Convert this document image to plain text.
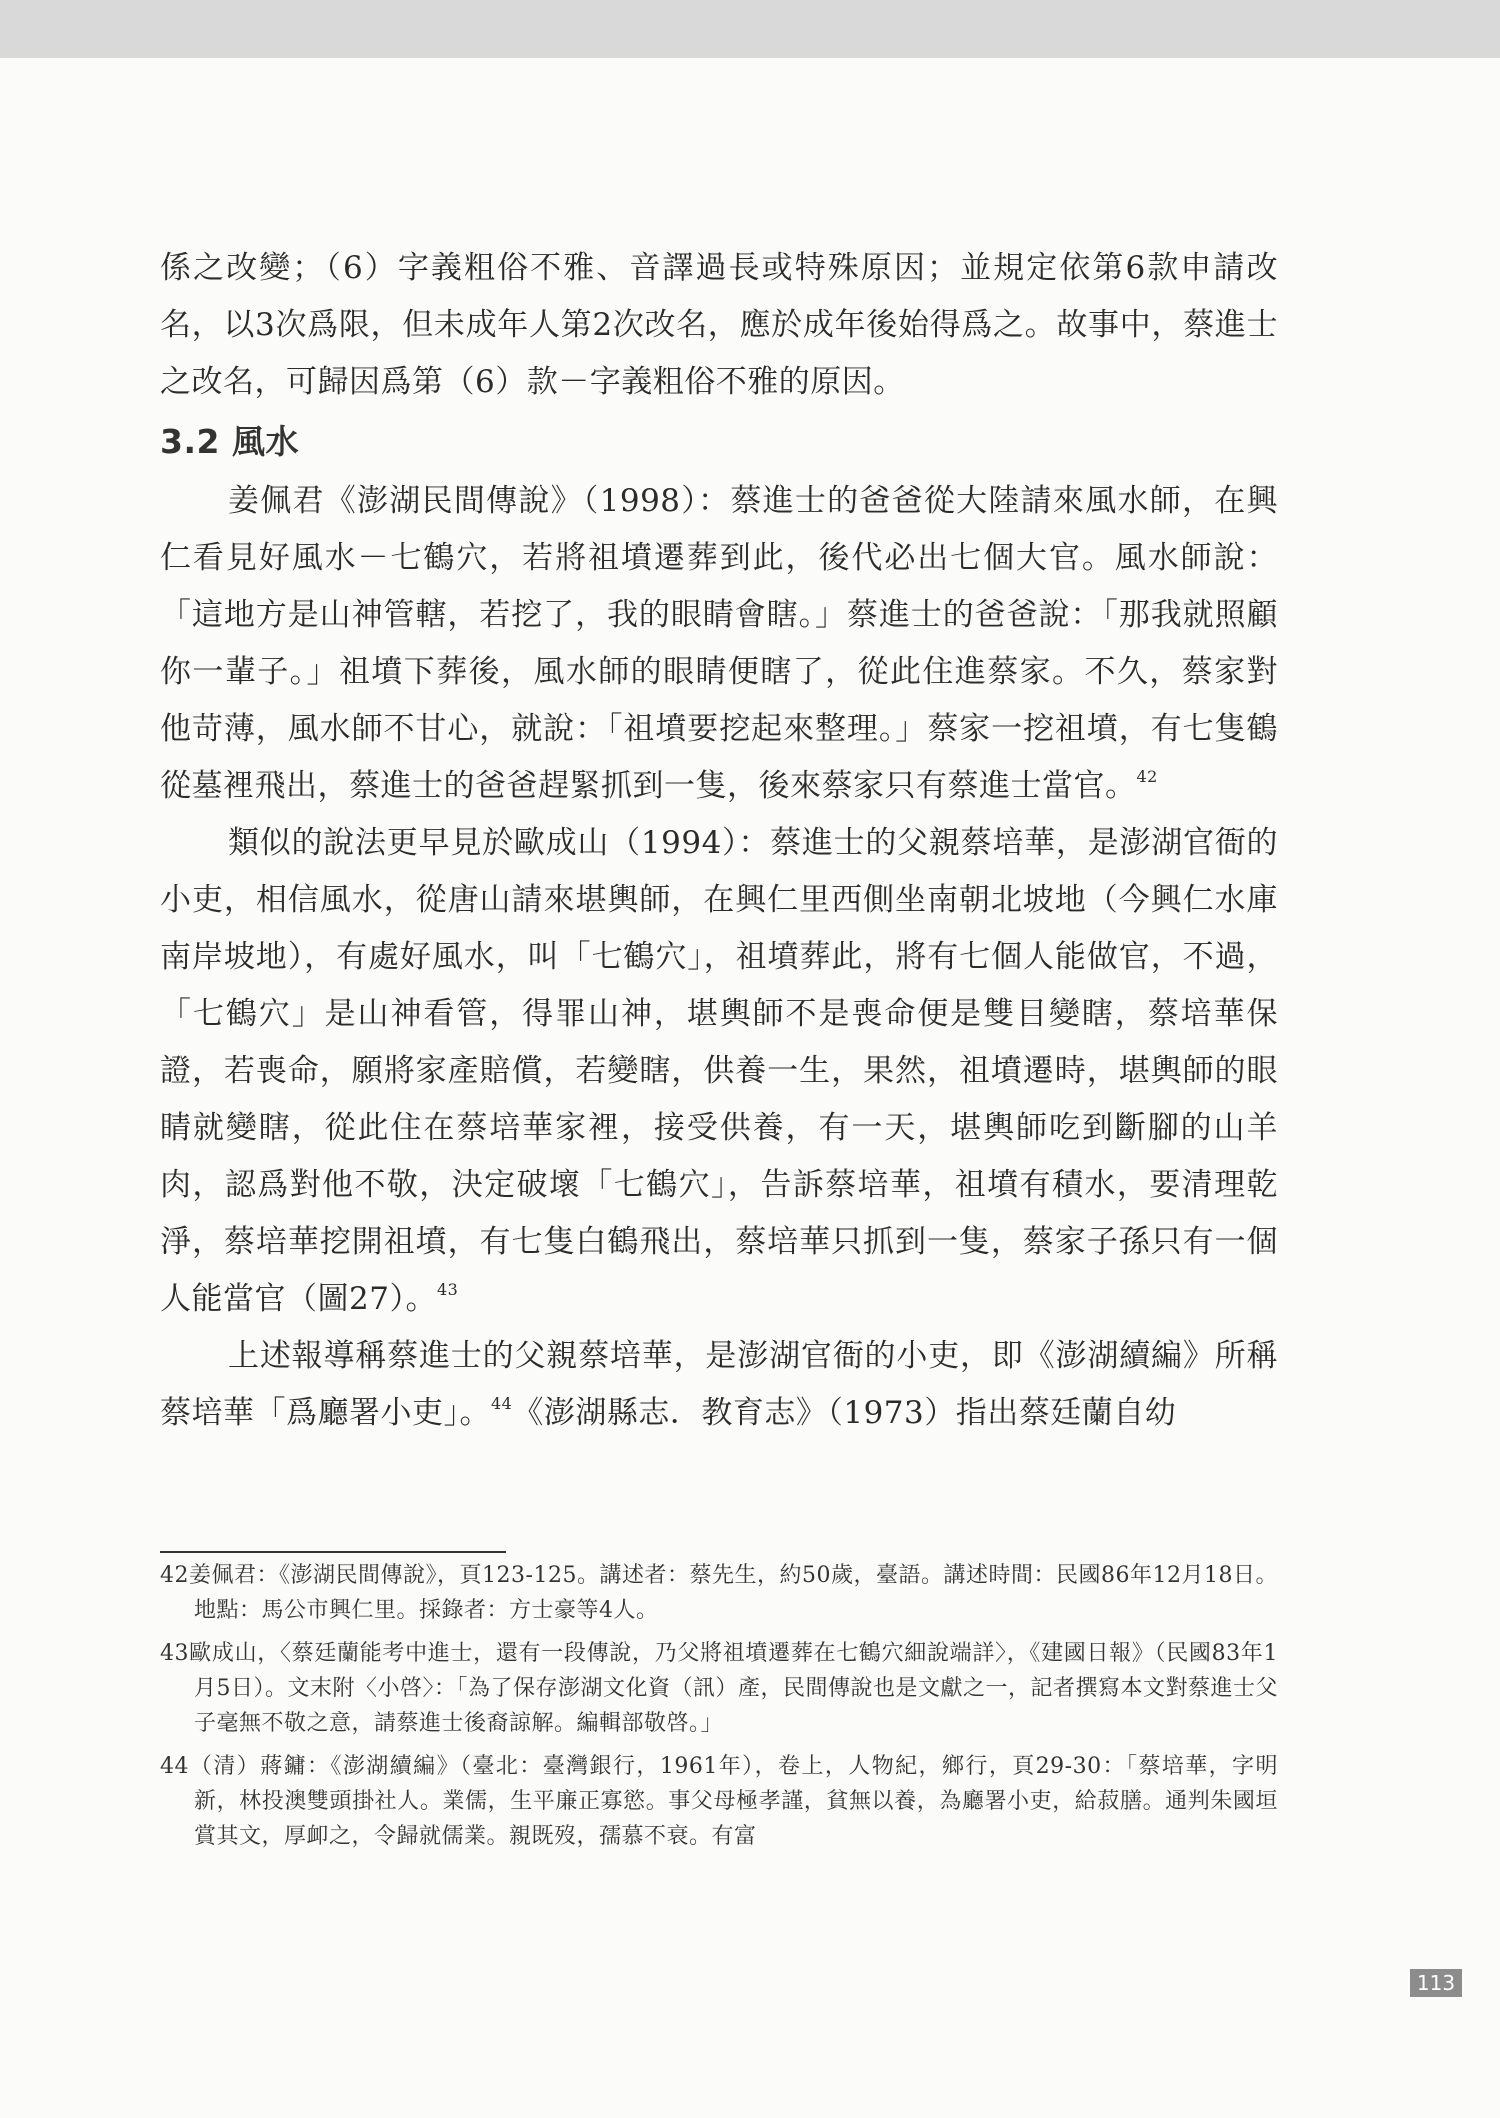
係之改變；（6）字義粗俗不雅、音譯過長或特殊原因；並規定依第6款申請改名，以3次爲限，但未成年人第2次改名，應於成年後始得爲之。故事中，蔡進士之改名，可歸因爲第（6）款－字義粗俗不雅的原因。

3.2 風水

姜佩君《澎湖民間傳說》（1998）：蔡進士的爸爸從大陸請來風水師，在興仁看見好風水－七鶴穴，若將祖墳遷葬到此，後代必出七個大官。風水師說：「這地方是山神管轄，若挖了，我的眼睛會瞎。」蔡進士的爸爸說：「那我就照顧你一輩子。」祖墳下葬後，風水師的眼睛便瞎了，從此住進蔡家。不久，蔡家對他苛薄，風水師不甘心，就說：「祖墳要挖起來整理。」蔡家一挖祖墳，有七隻鶴從墓裡飛出，蔡進士的爸爸趕緊抓到一隻，後來蔡家只有蔡進士當官。$^{42}$

類似的說法更早見於歐成山（1994）：蔡進士的父親蔡培華，是澎湖官衙的小吏，相信風水，從唐山請來堪輿師，在興仁里西側坐南朝北坡地（今興仁水庫南岸坡地），有處好風水，叫「七鶴穴」，祖墳葬此，將有七個人能做官，不過，「七鶴穴」是山神看管，得罪山神，堪輿師不是喪命便是雙目變瞎，蔡培華保證，若喪命，願將家產賠償，若變瞎，供養一生，果然，祖墳遷時，堪輿師的眼睛就變瞎，從此住在蔡培華家裡，接受供養，有一天，堪輿師吃到斷腳的山羊肉，認爲對他不敬，決定破壞「七鶴穴」，告訴蔡培華，祖墳有積水，要清理乾淨，蔡培華挖開祖墳，有七隻白鶴飛出，蔡培華只抓到一隻，蔡家子孫只有一個人能當官（圖27）。$^{43}$

上述報導稱蔡進士的父親蔡培華，是澎湖官衙的小吏，即《澎湖續編》所稱蔡培華「爲廳署小吏」。$^{44}$《澎湖縣志．教育志》（1973）指出蔡廷蘭自幼

42姜佩君：《澎湖民間傳說》，頁123-125。講述者：蔡先生，約50歲，臺語。講述時間：民國86年12月18日。地點：馬公市興仁里。採錄者：方士豪等4人。

43歐成山，〈蔡廷蘭能考中進士，還有一段傳說，乃父將祖墳遷葬在七鶴穴細說端詳〉，《建國日報》（民國83年1月5日）。文末附〈小啓〉：「為了保存澎湖文化資（訊）產，民間傳說也是文獻之一，記者撰寫本文對蔡進士父子毫無不敬之意，請蔡進士後裔諒解。編輯部敬啓。」

44（清）蔣鏞：《澎湖續編》（臺北：臺灣銀行，1961年），卷上，人物紀，鄉行，頁29-30：「蔡培華，字明新，林投澳雙頭掛社人。業儒，生平廉正寡慾。事父母極孝謹，貧無以養，為廳署小吏，給菽膳。通判朱國垣賞其文，厚卹之，令歸就儒業。親既歿，孺慕不衰。有富

113
